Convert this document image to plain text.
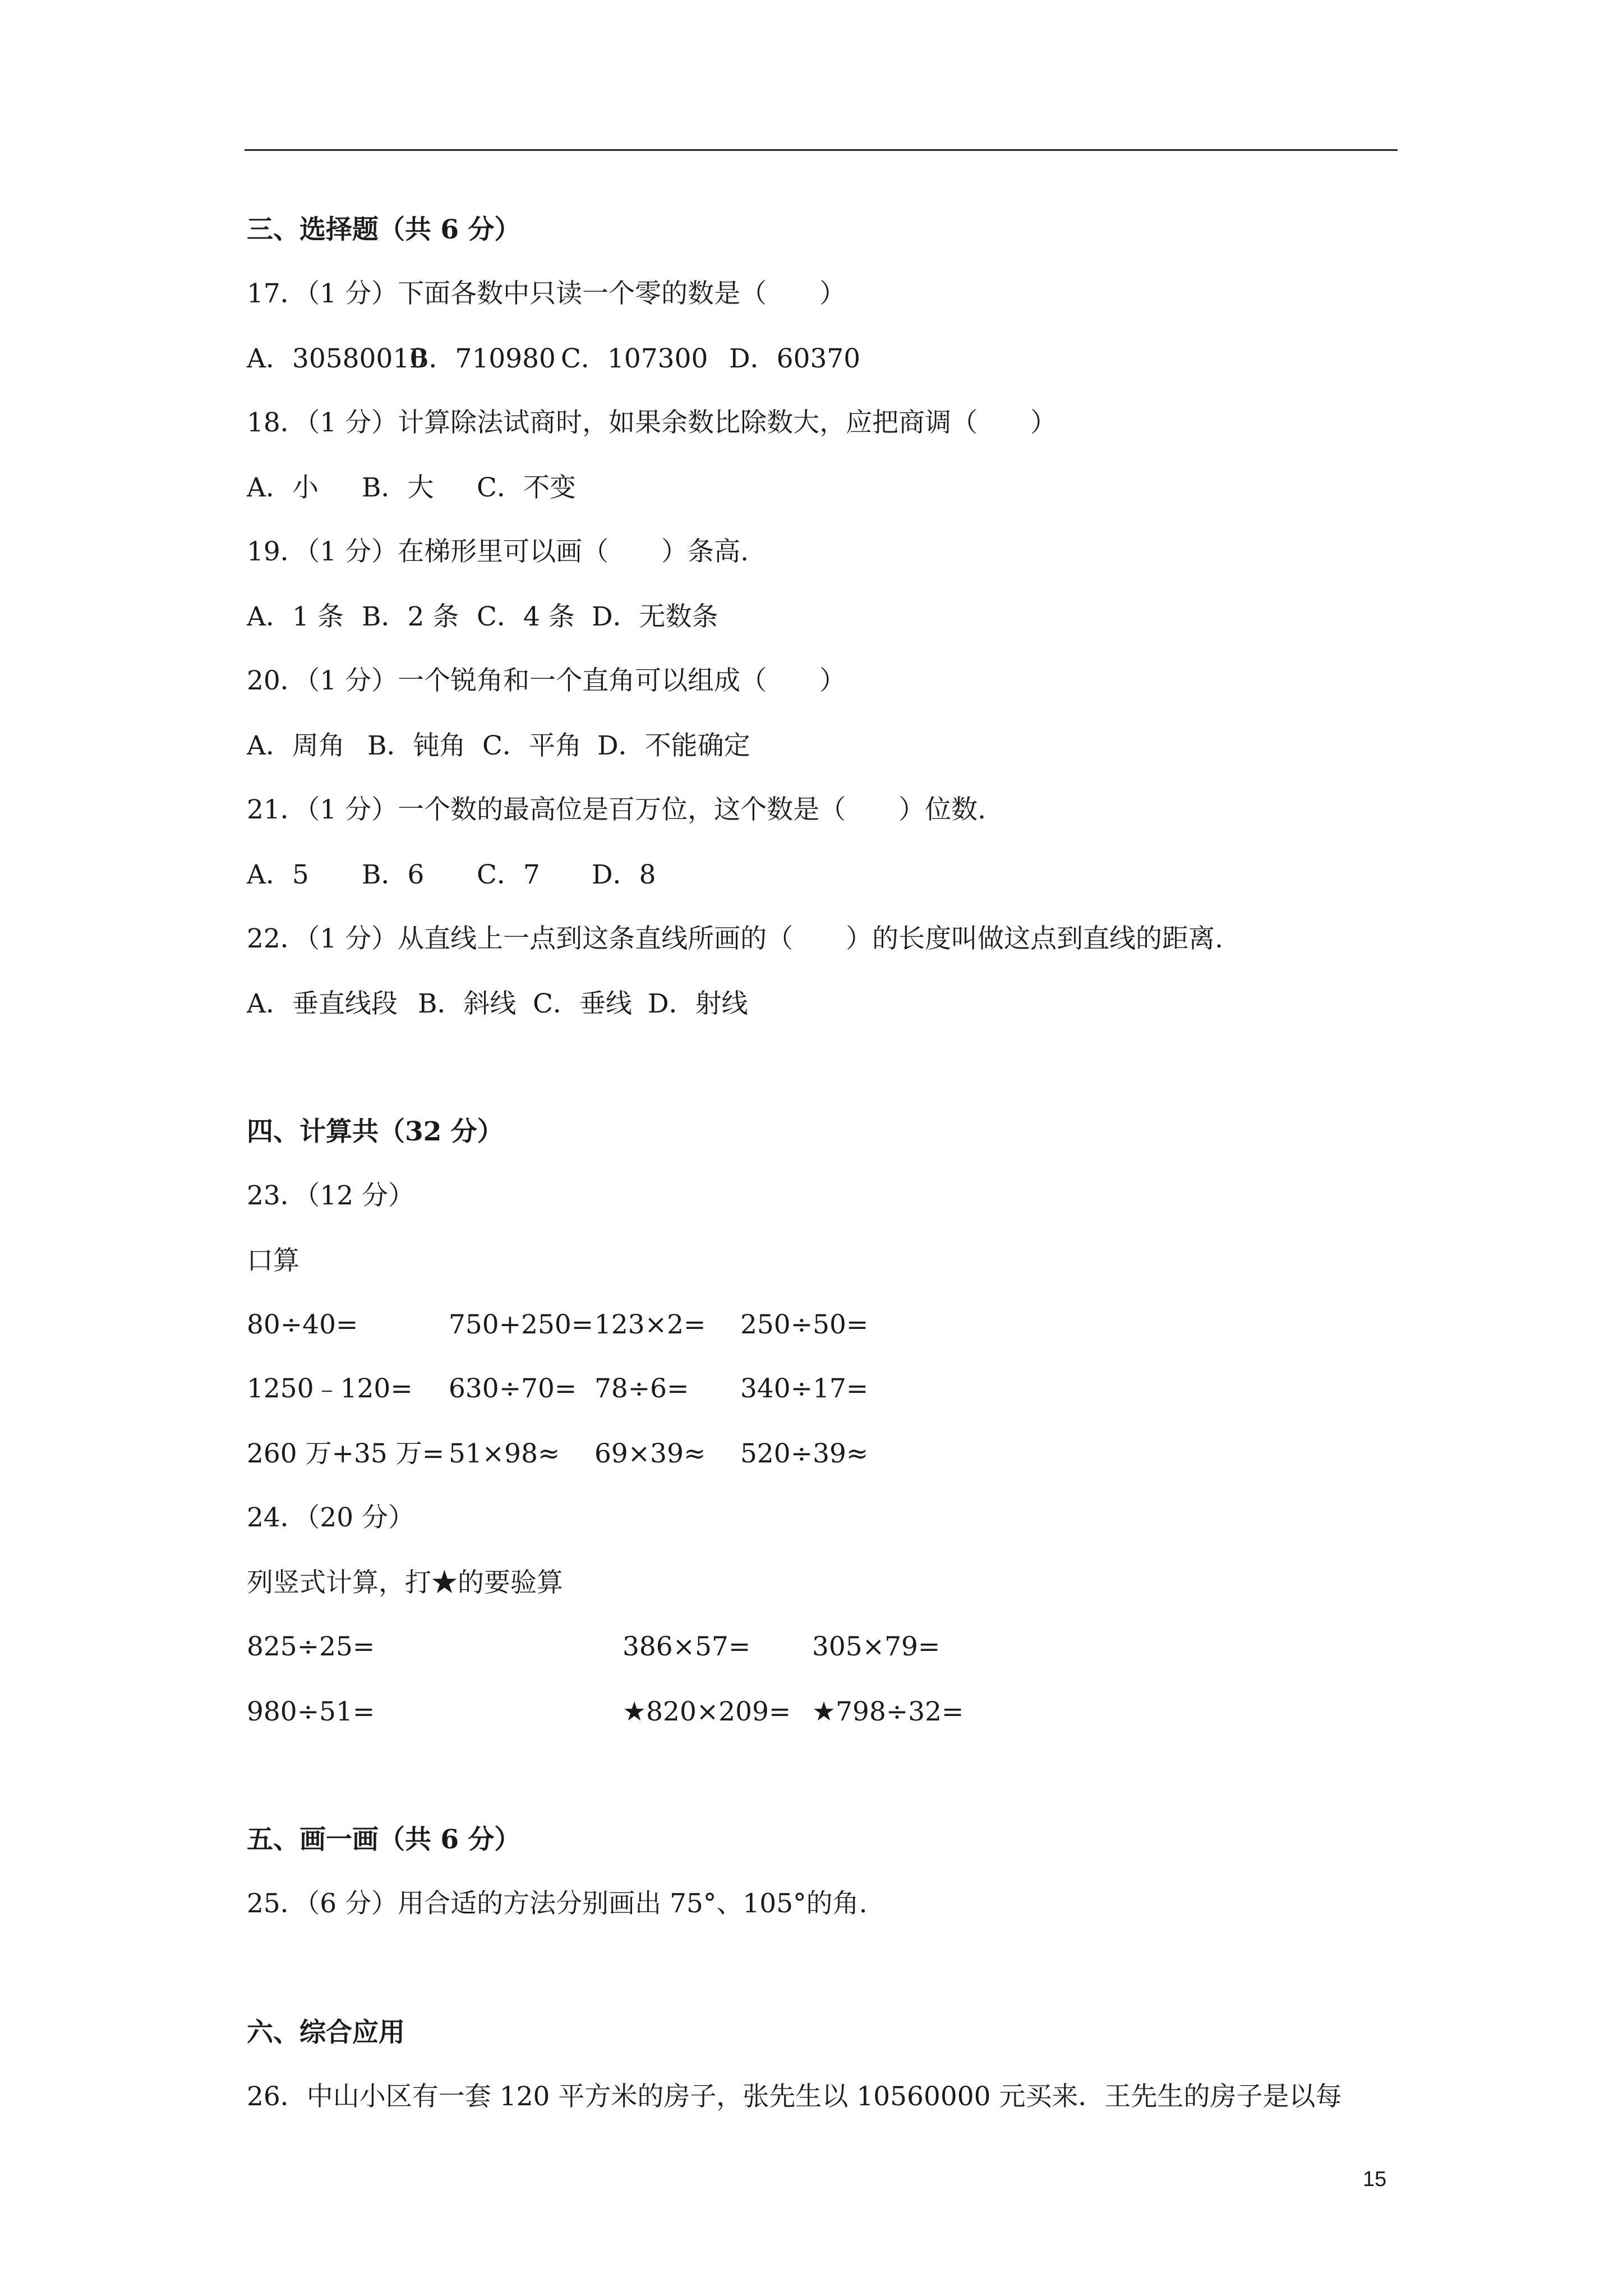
三、选择题（共 6 分）
17．（1 分）下面各数中只读一个零的数是（　　）
A．30580010
B．710980 C．107300 D．60370
18．（1 分）计算除法试商时，如果余数比除数大，应把商调（　　）
A．小 B．大 C．不变
19．（1 分）在梯形里可以画（　　）条高.
A．1 条 B．2 条 C．4 条 D．无数条
20．（1 分）一个锐角和一个直角可以组成（　　）
A．周角 B．钝角 C．平角 D．不能确定
21．（1 分）一个数的最高位是百万位，这个数是（　　）位数.
A．5 B．6 C．7 D．8
22．（1 分）从直线上一点到这条直线所画的（　　）的长度叫做这点到直线的距离.
A．垂直线段 B．斜线 C．垂线 D．射线
四、计算共（32 分）
23．（12 分）
口算
80÷40=	750+250= 123×2= 250÷50=
1250﹣120= 630÷70= 78÷6= 340÷17=
260 万+35 万= 51×98≈ 69×39≈ 520÷39≈
24．（20 分）
列竖式计算，打★的要验算
825÷25=	386×57= 305×79=
980÷51=	★820×209= ★798÷32=
五、画一画（共 6 分）
25．（6 分）用合适的方法分别画出 75°、105°的角.
六、综合应用
26．中山小区有一套 120 平方米的房子，张先生以 10560000 元买来．王先生的房子是以每
15
